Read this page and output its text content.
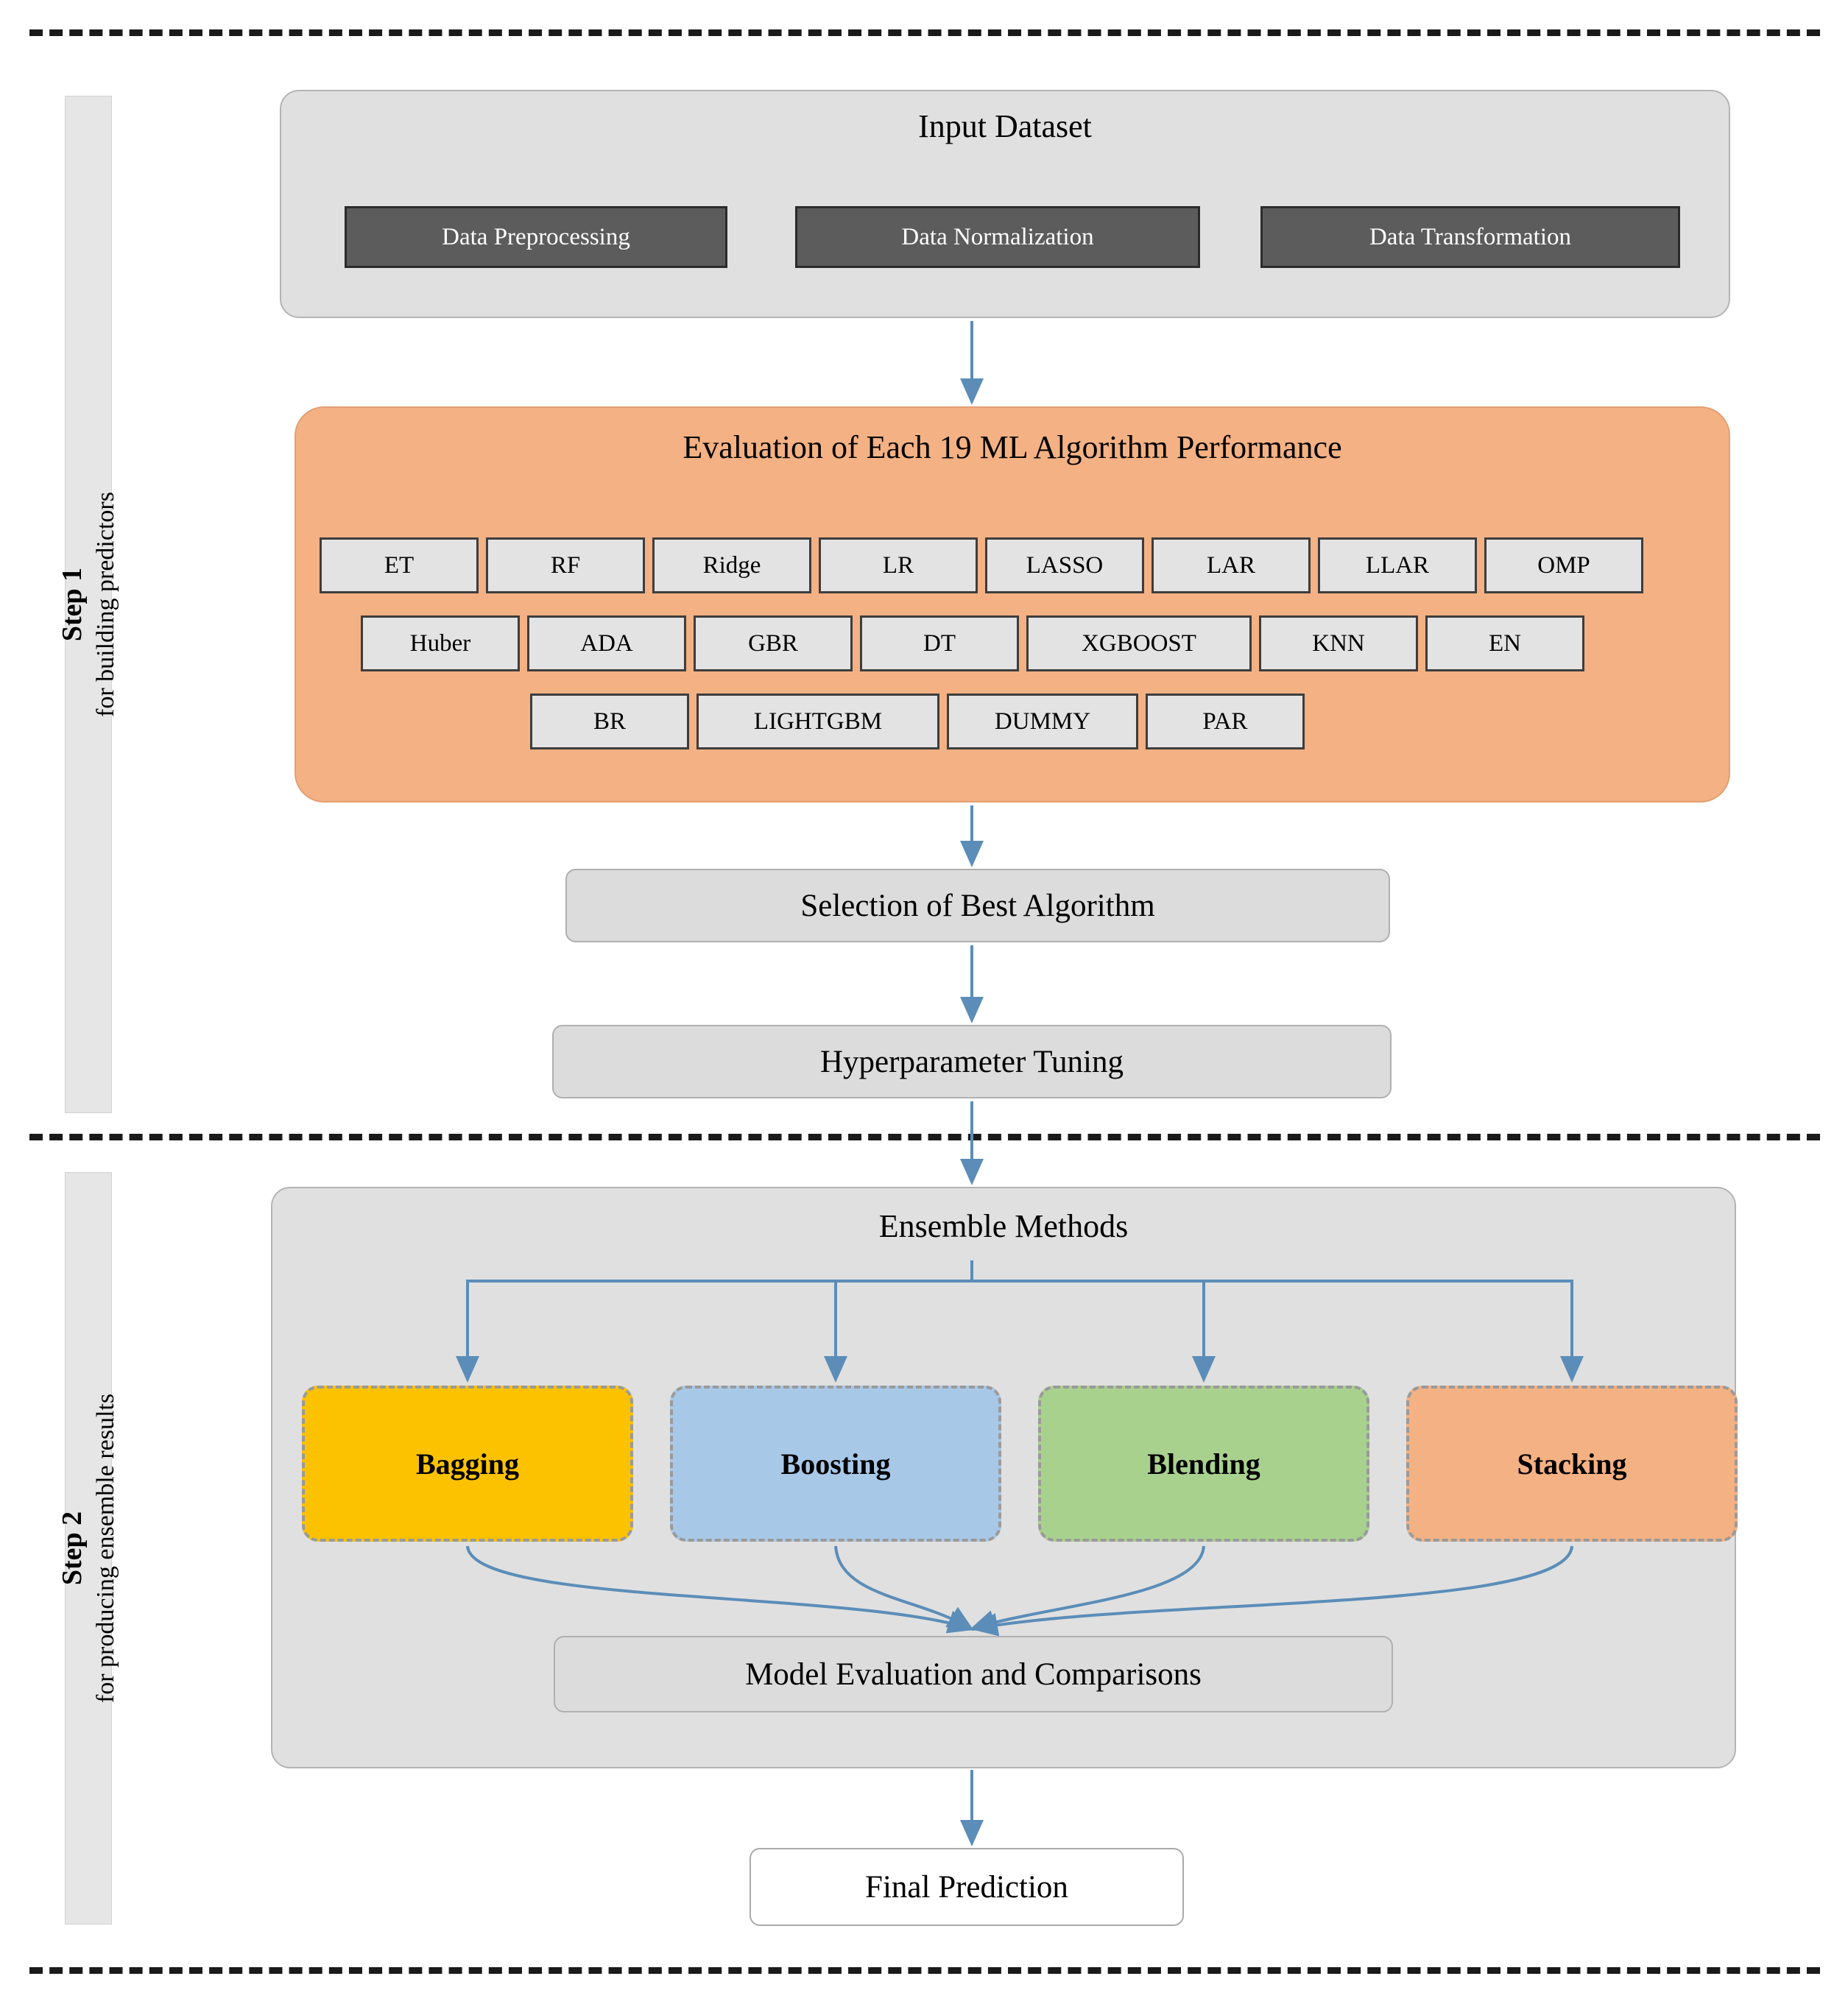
Step 1 for building predictors
Step 2 for producing ensemble results
Input Dataset
Data Preprocessing	Data Normalization	Data Transformation
Evaluation of Each 19 ML Algorithm Performance
ET	RF	Ridge	LR	LASSO	LAR	LLAR	OMP
Huber	ADA	GBR	DT	XGBOOST	KNN	EN
BR	LIGHTGBM	DUMMY	PAR
Selection of Best Algorithm
Hyperparameter Tuning
Ensemble Methods
Bagging	Boosting	Blending	Stacking
Model Evaluation and Comparisons
Final Prediction
